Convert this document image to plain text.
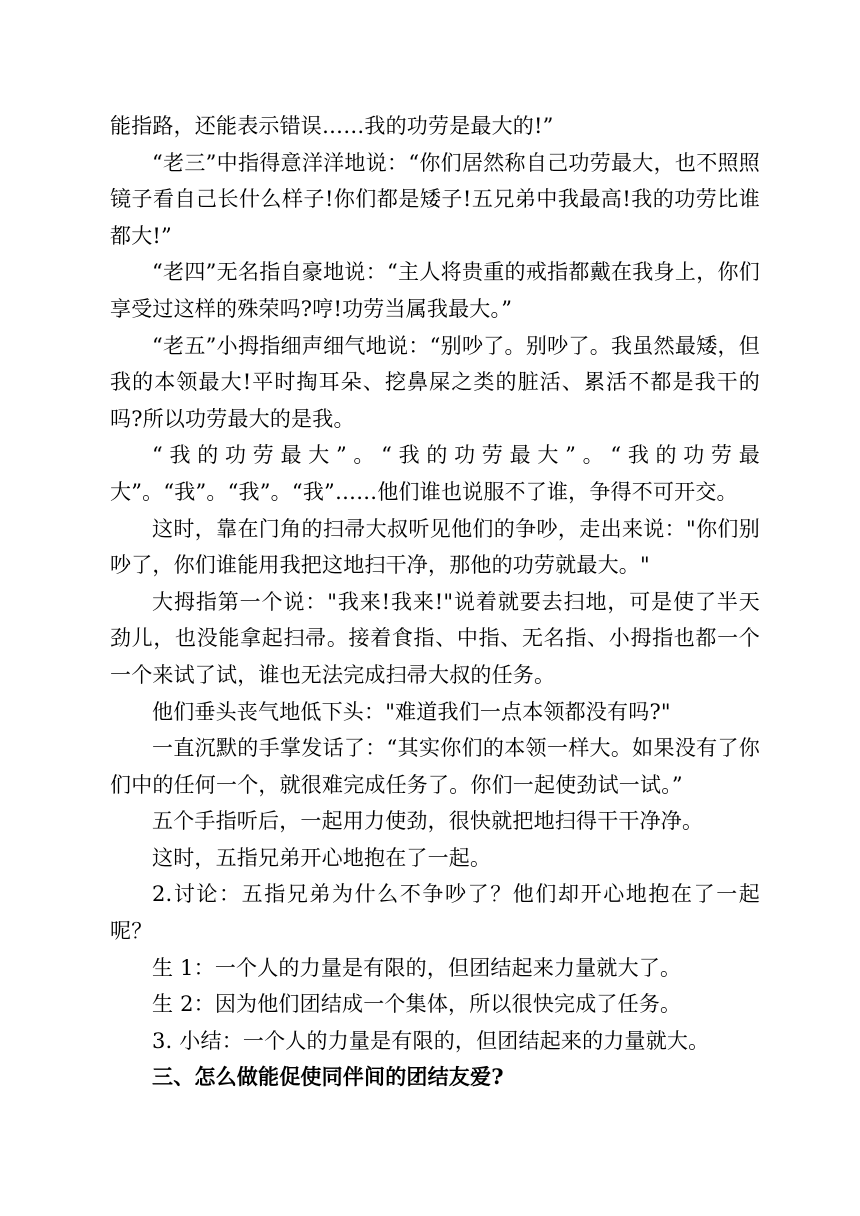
能指路，还能表示错误……我的功劳是最大的!”

“老三”中指得意洋洋地说：“你们居然称自己功劳最大，也不照照镜子看自己长什么样子!你们都是矮子!五兄弟中我最高!我的功劳比谁都大!”

“老四”无名指自豪地说：“主人将贵重的戒指都戴在我身上，你们享受过这样的殊荣吗?哼!功劳当属我最大。”

“老五”小拇指细声细气地说：“别吵了。别吵了。我虽然最矮，但我的本领最大!平时掏耳朵、挖鼻屎之类的脏活、累活不都是我干的吗?所以功劳最大的是我。

“我的功劳最大”。“我的功劳最大”。“我的功劳最大”。“我”。“我”。“我”……他们谁也说服不了谁，争得不可开交。

这时，靠在门角的扫帚大叔听见他们的争吵，走出来说："你们别吵了，你们谁能用我把这地扫干净，那他的功劳就最大。"

大拇指第一个说："我来!我来!"说着就要去扫地，可是使了半天劲儿，也没能拿起扫帚。接着食指、中指、无名指、小拇指也都一个一个来试了试，谁也无法完成扫帚大叔的任务。

他们垂头丧气地低下头："难道我们一点本领都没有吗?"

一直沉默的手掌发话了：“其实你们的本领一样大。如果没有了你们中的任何一个，就很难完成任务了。你们一起使劲试一试。”

五个手指听后，一起用力使劲，很快就把地扫得干干净净。

这时，五指兄弟开心地抱在了一起。

2.讨论：五指兄弟为什么不争吵了？他们却开心地抱在了一起呢？

生 1：一个人的力量是有限的，但团结起来力量就大了。

生 2：因为他们团结成一个集体，所以很快完成了任务。

3. 小结：一个人的力量是有限的，但团结起来的力量就大。

三、怎么做能促使同伴间的团结友爱?
